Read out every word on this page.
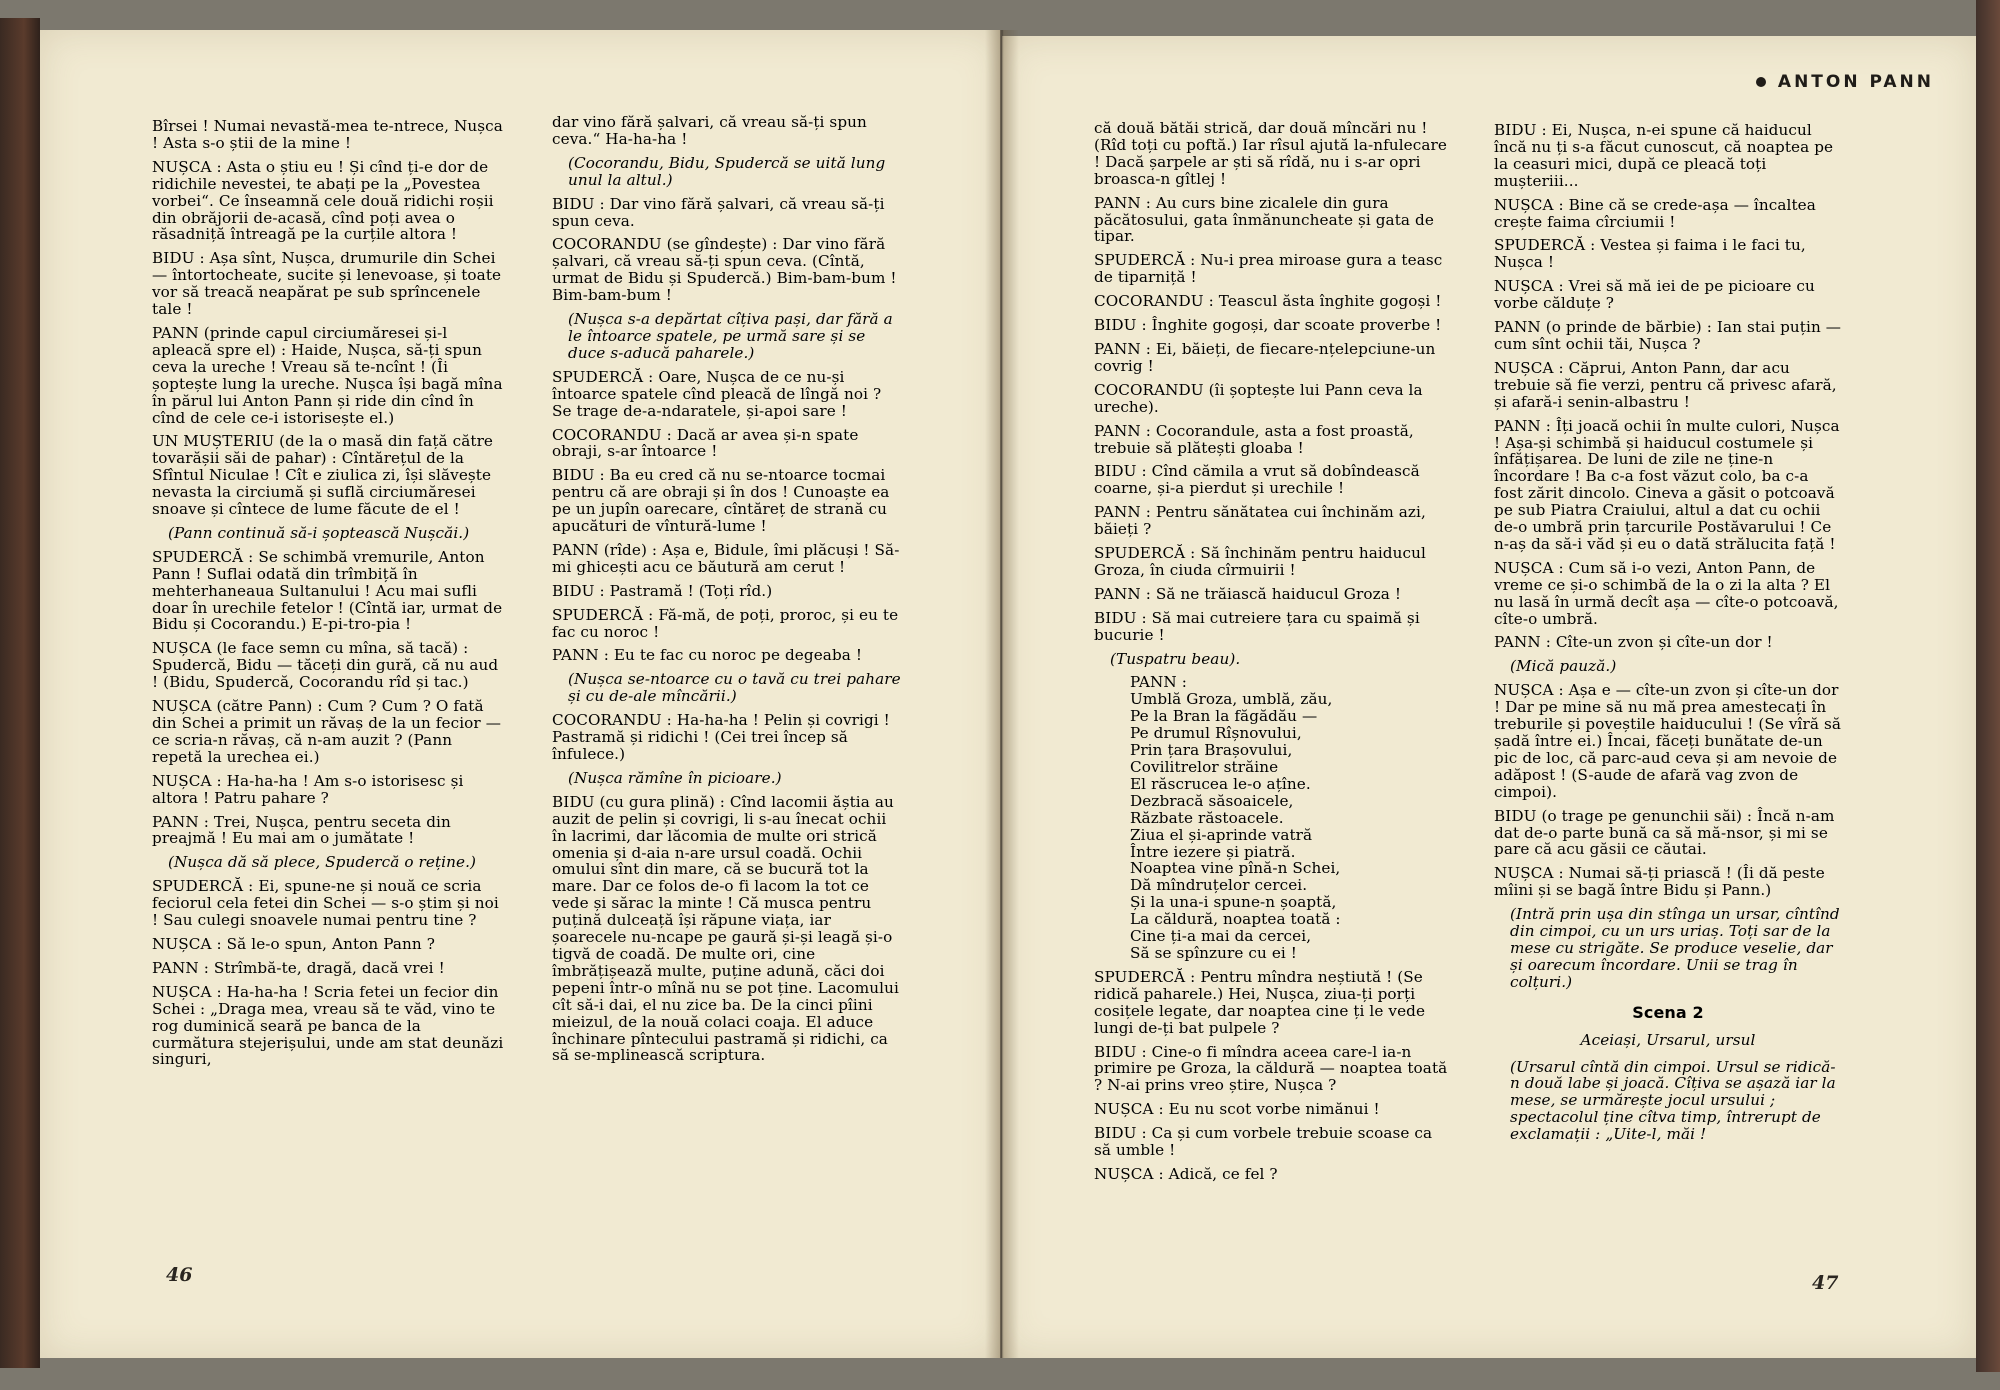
ANTON PANN

Bîrsei ! Numai nevastă-mea te-ntrece, Nușca ! Asta s-o știi de la mine !

NUȘCA : Asta o știu eu ! Și cînd ți-e dor de ridichile nevestei, te abați pe la „Povestea vorbei“. Ce înseamnă cele două ridichi roșii din obrăjorii de-acasă, cînd poți avea o răsadniță întreagă pe la curțile altora !

BIDU : Așa sînt, Nușca, drumurile din Schei — întortocheate, sucite și lenevoase, și toate vor să treacă neapărat pe sub sprîncenele tale !

PANN (prinde capul circiumăresei și-l apleacă spre el) : Haide, Nușca, să-ți spun ceva la ureche ! Vreau să te-ncînt ! (Îi șoptește lung la ureche. Nușca își bagă mîna în părul lui Anton Pann și ride din cînd în cînd de cele ce-i istorisește el.)

UN MUȘTERIU (de la o masă din față către tovarășii săi de pahar) : Cîntărețul de la Sfîntul Niculae ! Cît e ziulica zi, își slăvește nevasta la circiumă și suflă circiumăresei snoave și cîntece de lume făcute de el !

(Pann continuă să-i șoptească Nușcăi.)

SPUDERCĂ : Se schimbă vremurile, Anton Pann ! Suflai odată din trîmbiță în mehterhaneaua Sultanului ! Acu mai sufli doar în urechile fetelor ! (Cîntă iar, urmat de Bidu și Cocorandu.) E-pi-tro-pia !

NUȘCA (le face semn cu mîna, să tacă) : Spudercă, Bidu — tăceți din gură, că nu aud ! (Bidu, Spudercă, Cocorandu rîd și tac.)

NUȘCA (către Pann) : Cum ? Cum ? O fată din Schei a primit un răvaș de la un fecior — ce scria-n răvaș, că n-am auzit ? (Pann repetă la urechea ei.)

NUȘCA : Ha-ha-ha ! Am s-o istorisesc și altora ! Patru pahare ?

PANN : Trei, Nușca, pentru seceta din preajmă ! Eu mai am o jumătate !

(Nușca dă să plece, Spudercă o reține.)

SPUDERCĂ : Ei, spune-ne și nouă ce scria feciorul cela fetei din Schei — s-o știm și noi ! Sau culegi snoavele numai pentru tine ?

NUȘCA : Să le-o spun, Anton Pann ?

PANN : Strîmbă-te, dragă, dacă vrei !

NUȘCA : Ha-ha-ha ! Scria fetei un fecior din Schei : „Draga mea, vreau să te văd, vino te rog duminică seară pe banca de la curmătura stejerișului, unde am stat deunăzi singuri,

dar vino fără șalvari, că vreau să-ți spun ceva.“ Ha-ha-ha !

(Cocorandu, Bidu, Spudercă se uită lung unul la altul.)

BIDU : Dar vino fără șalvari, că vreau să-ți spun ceva.

COCORANDU (se gîndește) : Dar vino fără șalvari, că vreau să-ți spun ceva. (Cîntă, urmat de Bidu și Spudercă.) Bim-bam-bum ! Bim-bam-bum !

(Nușca s-a depărtat cîțiva pași, dar fără a le întoarce spatele, pe urmă sare și se duce s-aducă paharele.)

SPUDERCĂ : Oare, Nușca de ce nu-și întoarce spatele cînd pleacă de lîngă noi ? Se trage de-a-ndaratele, și-apoi sare !

COCORANDU : Dacă ar avea și-n spate obraji, s-ar întoarce !

BIDU : Ba eu cred că nu se-ntoarce tocmai pentru că are obraji și în dos ! Cunoaște ea pe un jupîn oarecare, cîntăreț de strană cu apucături de vîntură-lume !

PANN (rîde) : Așa e, Bidule, îmi plăcuși ! Să-mi ghicești acu ce băutură am cerut !

BIDU : Pastramă ! (Toți rîd.)

SPUDERCĂ : Fă-mă, de poți, proroc, și eu te fac cu noroc !

PANN : Eu te fac cu noroc pe degeaba !

(Nușca se-ntoarce cu o tavă cu trei pahare și cu de-ale mîncării.)

COCORANDU : Ha-ha-ha ! Pelin și covrigi ! Pastramă și ridichi ! (Cei trei încep să înfulece.)

(Nușca rămîne în picioare.)

BIDU (cu gura plină) : Cînd lacomii ăștia au auzit de pelin și covrigi, li s-au înecat ochii în lacrimi, dar lăcomia de multe ori strică omenia și d-aia n-are ursul coadă. Ochii omului sînt din mare, că se bucură tot la mare. Dar ce folos de-o fi lacom la tot ce vede și sărac la minte ! Că musca pentru puțină dulceață își răpune viața, iar șoarecele nu-ncape pe gaură și-și leagă și-o tigvă de coadă. De multe ori, cine îmbrățișează multe, puține adună, căci doi pepeni într-o mînă nu se pot ține. Lacomului cît să-i dai, el nu zice ba. De la cinci pîini mieizul, de la nouă colaci coaja. El aduce închinare pîntecului pastramă și ridichi, ca să se-mplinească scriptura.

că două bătăi strică, dar două mîncări nu ! (Rîd toți cu poftă.) Iar rîsul ajută la-nfulecare ! Dacă șarpele ar ști să rîdă, nu i s-ar opri broasca-n gîtlej !

PANN : Au curs bine zicalele din gura păcătosului, gata înmănuncheate și gata de tipar.

SPUDERCĂ : Nu-i prea miroase gura a teasc de tiparniță !

COCORANDU : Teascul ăsta înghite gogoși !

BIDU : Înghite gogoși, dar scoate proverbe !

PANN : Ei, băieți, de fiecare-nțelepciune-un covrig !

COCORANDU (îi șoptește lui Pann ceva la ureche).

PANN : Cocorandule, asta a fost proastă, trebuie să plătești gloaba !

BIDU : Cînd cămila a vrut să dobîndească coarne, și-a pierdut și urechile !

PANN : Pentru sănătatea cui închinăm azi, băieți ?

SPUDERCĂ : Să închinăm pentru haiducul Groza, în ciuda cîrmuirii !

PANN : Să ne trăiască haiducul Groza !

BIDU : Să mai cutreiere țara cu spaimă și bucurie !

(Tuspatru beau).

PANN :
Umblă Groza, umblă, zău,
Pe la Bran la făgădău —
Pe drumul Rîșnovului,
Prin țara Brașovului,
Covilitrelor străine
El răscrucea le-o ațîne.
Dezbracă săsoaicele,
Răzbate răstoacele.
Ziua el și-aprinde vatră
Între iezere și piatră.
Noaptea vine pînă-n Schei,
Dă mîndruțelor cercei.
Și la una-i spune-n șoaptă,
La căldură, noaptea toată :
Cine ți-a mai da cercei,
Să se spînzure cu ei !

SPUDERCĂ : Pentru mîndra neștiută ! (Se ridică paharele.) Hei, Nușca, ziua-ți porți cosițele legate, dar noaptea cine ți le vede lungi de-ți bat pulpele ?

BIDU : Cine-o fi mîndra aceea care-l ia-n primire pe Groza, la căldură — noaptea toată ? N-ai prins vreo știre, Nușca ?

NUȘCA : Eu nu scot vorbe nimănui !

BIDU : Ca și cum vorbele trebuie scoase ca să umble !

NUȘCA : Adică, ce fel ?

BIDU : Ei, Nușca, n-ei spune că haiducul încă nu ți s-a făcut cunoscut, că noaptea pe la ceasuri mici, după ce pleacă toți mușteriii...

NUȘCA : Bine că se crede-așa — încaltea crește faima cîrciumii !

SPUDERCĂ : Vestea și faima i le faci tu, Nușca !

NUȘCA : Vrei să mă iei de pe picioare cu vorbe călduțe ?

PANN (o prinde de bărbie) : Ian stai puțin — cum sînt ochii tăi, Nușca ?

NUȘCA : Căprui, Anton Pann, dar acu trebuie să fie verzi, pentru că privesc afară, și afară-i senin-albastru !

PANN : Îți joacă ochii în multe culori, Nușca ! Așa-și schimbă și haiducul costumele și înfățișarea. De luni de zile ne ține-n încordare ! Ba c-a fost văzut colo, ba c-a fost zărit dincolo. Cineva a găsit o potcoavă pe sub Piatra Craiului, altul a dat cu ochii de-o umbră prin țarcurile Postăvarului ! Ce n-aș da să-i văd și eu o dată strălucita față !

NUȘCA : Cum să i-o vezi, Anton Pann, de vreme ce și-o schimbă de la o zi la alta ? El nu lasă în urmă decît așa — cîte-o potcoavă, cîte-o umbră.

PANN : Cîte-un zvon și cîte-un dor !

(Mică pauză.)

NUȘCA : Așa e — cîte-un zvon și cîte-un dor ! Dar pe mine să nu mă prea amestecați în treburile și poveștile haiducului ! (Se vîră să șadă între ei.) Încai, făceți bunătate de-un pic de loc, că parc-aud ceva și am nevoie de adăpost ! (S-aude de afară vag zvon de cimpoi).

BIDU (o trage pe genunchii săi) : Încă n-am dat de-o parte bună ca să mă-nsor, și mi se pare că acu găsii ce căutai.

NUȘCA : Numai să-ți priască ! (Îi dă peste mîini și se bagă între Bidu și Pann.)

(Intră prin ușa din stînga un ursar, cîntînd din cimpoi, cu un urs uriaș. Toți sar de la mese cu strigăte. Se produce veselie, dar și oarecum încordare. Unii se trag în colțuri.)

Scena 2
Aceiași, Ursarul, ursul

(Ursarul cîntă din cimpoi. Ursul se ridică-n două labe și joacă. Cîțiva se așază iar la mese, se urmărește jocul ursului ; spectacolul ține cîtva timp, întrerupt de exclamații : „Uite-l, măi !

46	47
